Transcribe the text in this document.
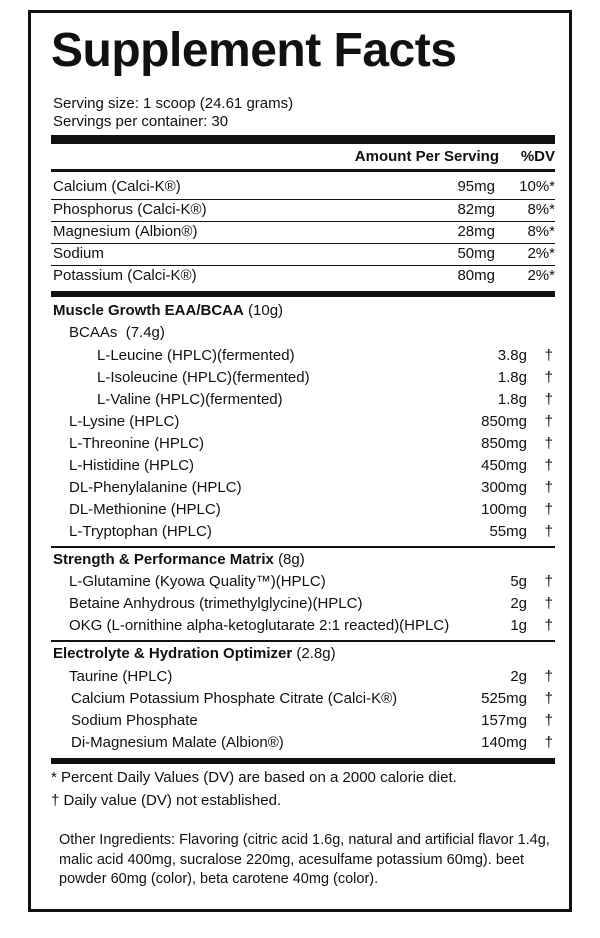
Supplement Facts
Serving size: 1 scoop (24.61 grams)
Servings per container: 30
Amount Per Serving %DV
Calcium (Calci-K®)	95mg 10%*
Phosphorus (Calci-K®)	82mg 8%*
Magnesium (Albion®)	28mg 8%*
Sodium	50mg 2%*
Potassium (Calci-K®)	80mg 2%*
Muscle Growth EAA/BCAA (10g)
BCAAs (7.4g)
L-Leucine (HPLC)(fermented)	3.8g †
L-Isoleucine (HPLC)(fermented)	1.8g †
L-Valine (HPLC)(fermented)	1.8g †
L-Lysine (HPLC)	850mg †
L-Threonine (HPLC)	850mg †
L-Histidine (HPLC)	450mg †
DL-Phenylalanine (HPLC)	300mg †
DL-Methionine (HPLC)	100mg †
L-Tryptophan (HPLC)	55mg †
Strength & Performance Matrix (8g)
L-Glutamine (Kyowa Quality™)(HPLC)	5g †
Betaine Anhydrous (trimethylglycine)(HPLC)	2g †
OKG (L-ornithine alpha-ketoglutarate 2:1 reacted)(HPLC)	1g †
Electrolyte & Hydration Optimizer (2.8g)
Taurine (HPLC)	2g †
Calcium Potassium Phosphate Citrate (Calci-K®)	525mg †
Sodium Phosphate	157mg †
Di-Magnesium Malate (Albion®)	140mg †
* Percent Daily Values (DV) are based on a 2000 calorie diet.
† Daily value (DV) not established.
Other Ingredients: Flavoring (citric acid 1.6g, natural and artificial flavor 1.4g, malic acid 400mg, sucralose 220mg, acesulfame potassium 60mg). beet powder 60mg (color), beta carotene 40mg (color).
